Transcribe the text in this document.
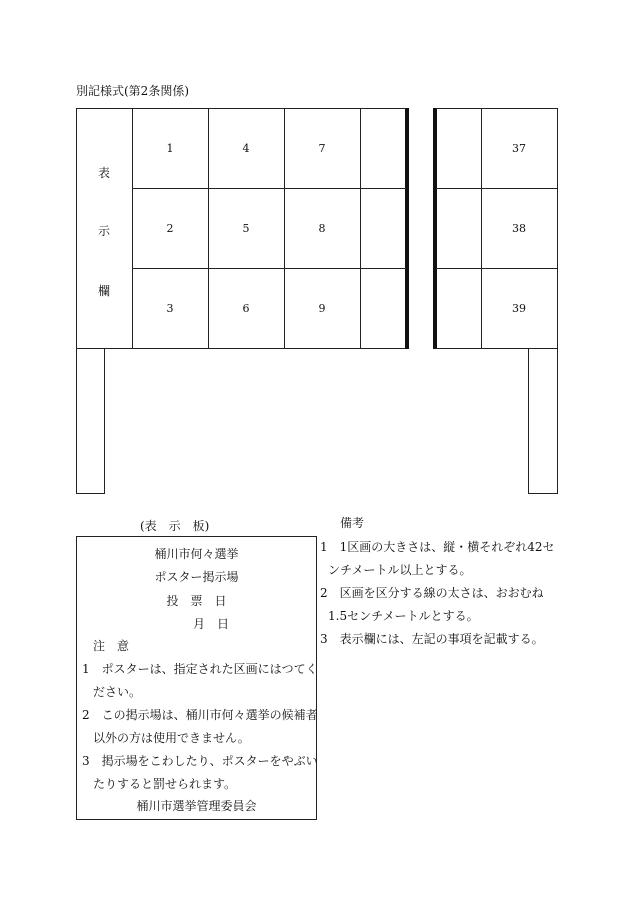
別記様式(第2条関係)
表
示
欄
1	4	7	37
2	5	8	38
3	6	9	39
(表　示　板)
桶川市何々選挙
ポスター掲示場
投　票　日
月　日
注　意
1　ポスターは、指定された区画にはつてく
ださい。
2　この掲示場は、桶川市何々選挙の候補者
以外の方は使用できません。
3　掲示場をこわしたり、ポスターをやぶい
たりすると罰せられます。
桶川市選挙管理委員会
備考
1　1区画の大きさは、縦・横それぞれ42セ
ンチメートル以上とする。
2　区画を区分する線の太さは、おおむね
1.5センチメートルとする。
3　表示欄には、左記の事項を記載する。
